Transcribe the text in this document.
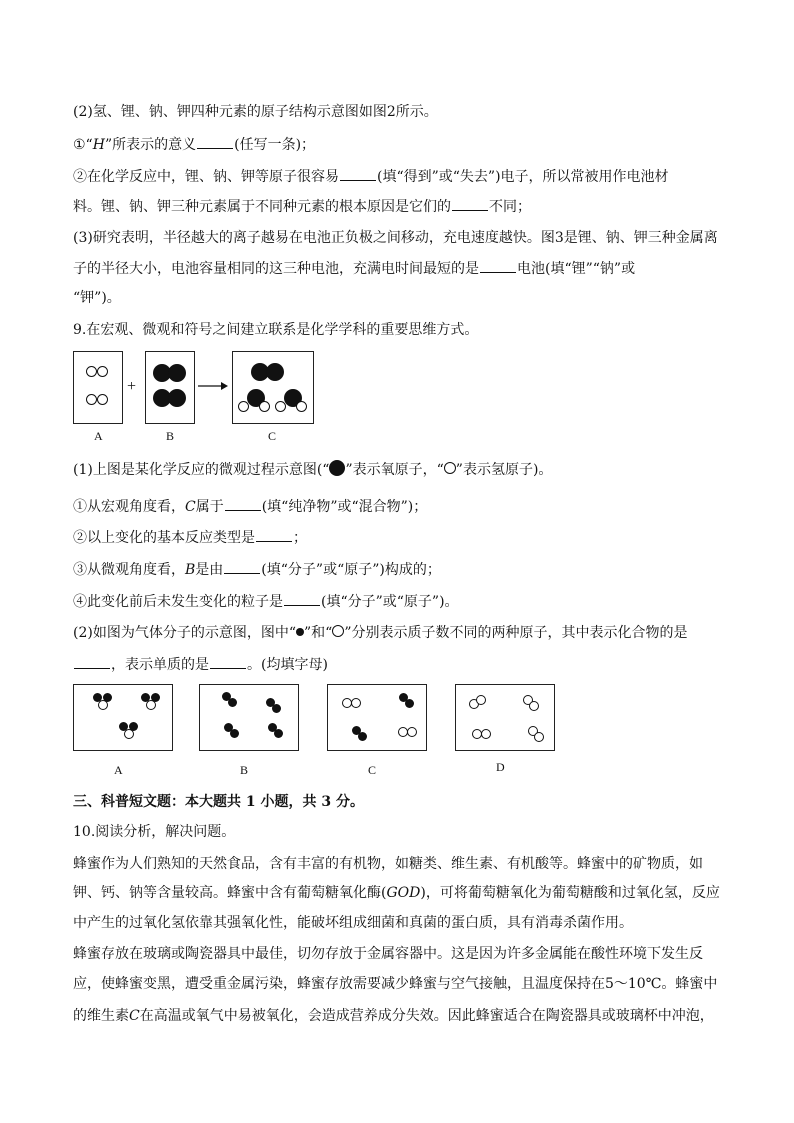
(2)氢、锂、钠、钾四种元素的原子结构示意图如图2所示。
①“H”所表示的意义	(任写一条)；
②在化学反应中，锂、钠、钾等原子很容易	(填“得到”或“失去”)电子，所以常被用作电池材
料。锂、钠、钾三种元素属于不同种元素的根本原因是它们的	不同；
(3)研究表明，半径越大的离子越易在电池正负极之间移动，充电速度越快。图3是锂、钠、钾三种金属离
子的半径大小，电池容量相同的这三种电池，充满电时间最短的是	电池(填“锂”“钠”或
“钾”)。
9.在宏观、微观和符号之间建立联系是化学学科的重要思维方式。
+
A	B	C
(1)上图是某化学反应的微观过程示意图(“ ”表示氧原子，“ ”表示氢原子)。
①从宏观角度看，C属于	(填“纯净物”或“混合物”)；
②以上变化的基本反应类型是	；
③从微观角度看，B是由	(填“分子”或“原子”)构成的；
④此变化前后未发生变化的粒子是	(填“分子”或“原子”)。
(2)如图为气体分子的示意图，图中“ ”和“ ”分别表示质子数不同的两种原子，其中表示化合物的是
，表示单质的是	。(均填字母)
A	B	C	D
三、科普短文题：本大题共 1 小题，共 3 分。
10.阅读分析，解决问题。
蜂蜜作为人们熟知的天然食品，含有丰富的有机物，如糖类、维生素、有机酸等。蜂蜜中的矿物质，如
钾、钙、钠等含量较高。蜂蜜中含有葡萄糖氧化酶(GOD)，可将葡萄糖氧化为葡萄糖酸和过氧化氢，反应
中产生的过氧化氢依靠其强氧化性，能破坏组成细菌和真菌的蛋白质，具有消毒杀菌作用。
蜂蜜存放在玻璃或陶瓷器具中最佳，切勿存放于金属容器中。这是因为许多金属能在酸性环境下发生反
应，使蜂蜜变黑，遭受重金属污染，蜂蜜存放需要减少蜂蜜与空气接触，且温度保持在5～10℃。蜂蜜中
的维生素C在高温或氧气中易被氧化，会造成营养成分失效。因此蜂蜜适合在陶瓷器具或玻璃杯中冲泡，
